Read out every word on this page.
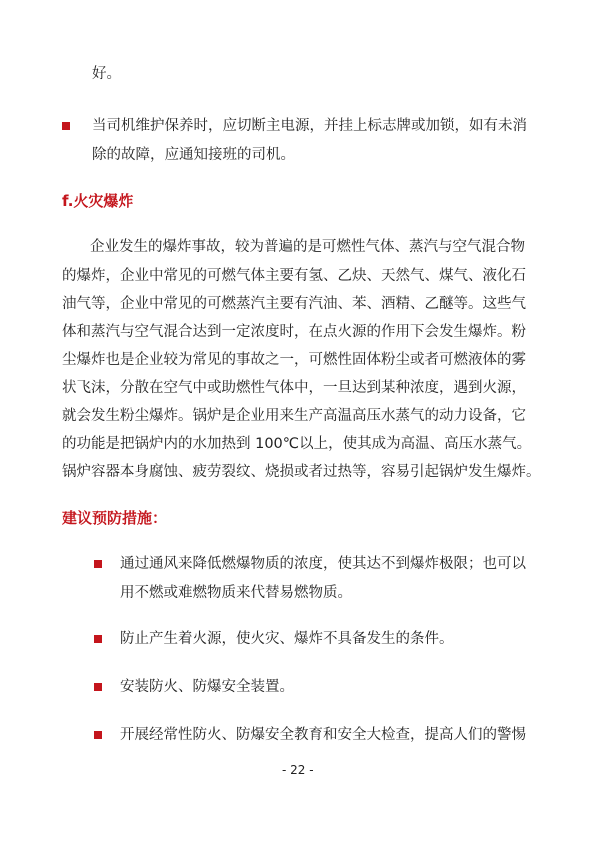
好。
当司机维护保养时，应切断主电源，并挂上标志牌或加锁，如有未消
除的故障，应通知接班的司机。
f.火灾爆炸
企业发生的爆炸事故，较为普遍的是可燃性气体、蒸汽与空气混合物
的爆炸，企业中常见的可燃气体主要有氢、乙炔、天然气、煤气、液化石
油气等，企业中常见的可燃蒸汽主要有汽油、苯、酒精、乙醚等。这些气
体和蒸汽与空气混合达到一定浓度时，在点火源的作用下会发生爆炸。粉
尘爆炸也是企业较为常见的事故之一，可燃性固体粉尘或者可燃液体的雾
状飞沫，分散在空气中或助燃性气体中，一旦达到某种浓度，遇到火源，
就会发生粉尘爆炸。锅炉是企业用来生产高温高压水蒸气的动力设备，它
的功能是把锅炉内的水加热到 100℃以上，使其成为高温、高压水蒸气。
锅炉容器本身腐蚀、疲劳裂纹、烧损或者过热等，容易引起锅炉发生爆炸。
建议预防措施：
通过通风来降低燃爆物质的浓度，使其达不到爆炸极限；也可以
用不燃或难燃物质来代替易燃物质。
防止产生着火源，使火灾、爆炸不具备发生的条件。
安装防火、防爆安全装置。
开展经常性防火、防爆安全教育和安全大检查，提高人们的警惕
- 22 -
